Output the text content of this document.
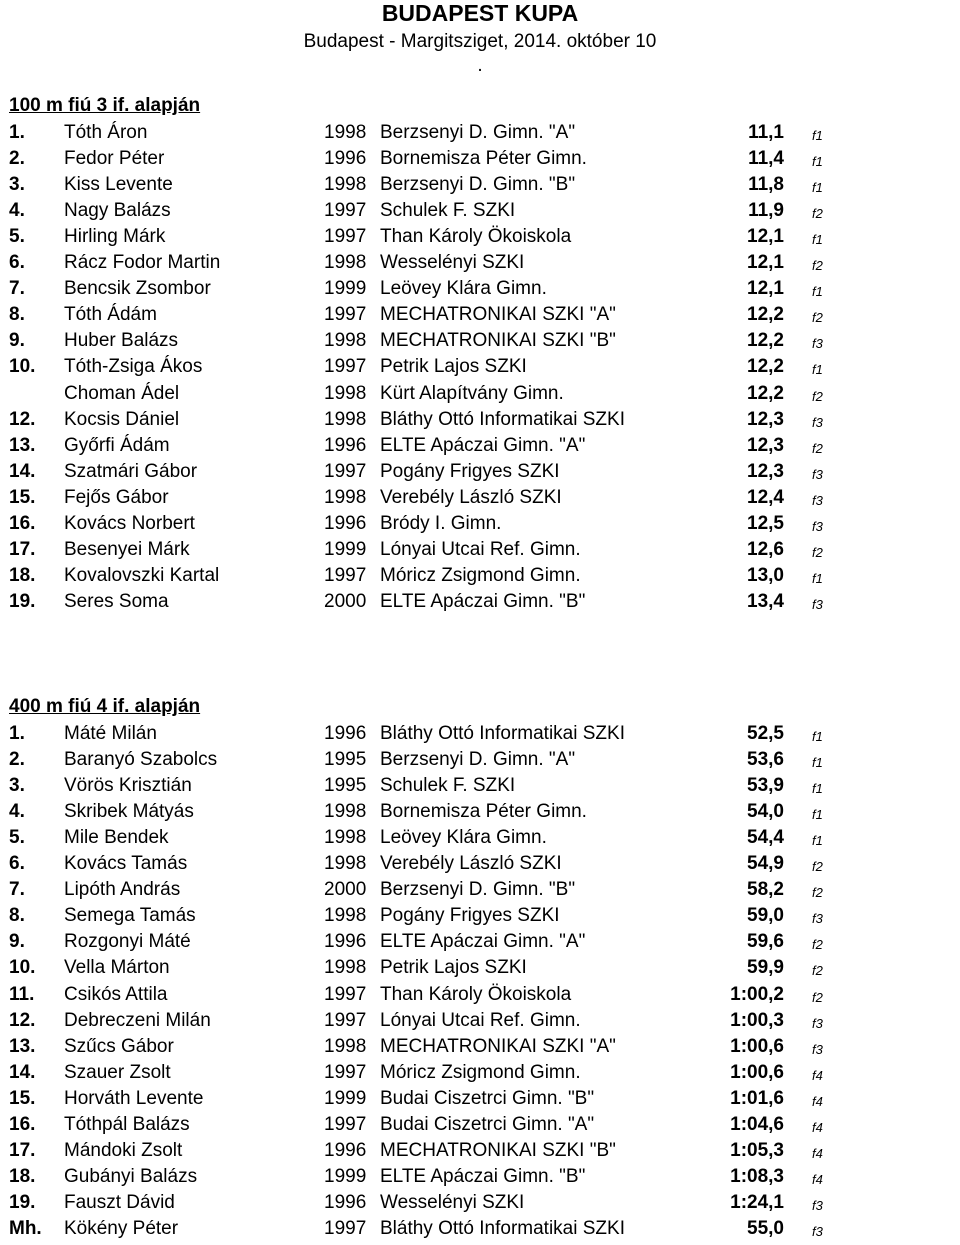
BUDAPEST KUPA
Budapest - Margitsziget, 2014. október 10
.
100 m fiú 3 if. alapján
1. Tóth Áron	1998 Berzsenyi D. Gimn. "A"	11,1 f1
2. Fedor Péter	1996 Bornemisza Péter Gimn.	11,4 f1
3. Kiss Levente	1998 Berzsenyi D. Gimn. "B"	11,8 f1
4. Nagy Balázs	1997 Schulek F. SZKI	11,9 f2
5. Hirling Márk	1997 Than Károly Ökoiskola	12,1 f1
6. Rácz Fodor Martin	1998 Wesselényi SZKI	12,1 f2
7. Bencsik Zsombor	1999 Leövey Klára Gimn.	12,1 f1
8. Tóth Ádám	1997 MECHATRONIKAI SZKI "A"	12,2 f2
9. Huber Balázs	1998 MECHATRONIKAI SZKI "B"	12,2 f3
10. Tóth-Zsiga Ákos	1997 Petrik Lajos SZKI	12,2 f1
Choman Ádel	1998 Kürt Alapítvány Gimn.	12,2 f2
12. Kocsis Dániel	1998 Bláthy Ottó Informatikai SZKI	12,3 f3
13. Győrfi Ádám	1996 ELTE Apáczai Gimn. "A"	12,3 f2
14. Szatmári Gábor	1997 Pogány Frigyes SZKI	12,3 f3
15. Fejős Gábor	1998 Verebély László SZKI	12,4 f3
16. Kovács Norbert	1996 Bródy I. Gimn.	12,5 f3
17. Besenyei Márk	1999 Lónyai Utcai Ref. Gimn.	12,6 f2
18. Kovalovszki Kartal	1997 Móricz Zsigmond Gimn.	13,0 f1
19. Seres Soma	2000 ELTE Apáczai Gimn. "B"	13,4 f3
400 m fiú 4 if. alapján
1. Máté Milán	1996 Bláthy Ottó Informatikai SZKI	52,5 f1
2. Baranyó Szabolcs	1995 Berzsenyi D. Gimn. "A"	53,6 f1
3. Vörös Krisztián	1995 Schulek F. SZKI	53,9 f1
4. Skribek Mátyás	1998 Bornemisza Péter Gimn.	54,0 f1
5. Mile Bendek	1998 Leövey Klára Gimn.	54,4 f1
6. Kovács Tamás	1998 Verebély László SZKI	54,9 f2
7. Lipóth András	2000 Berzsenyi D. Gimn. "B"	58,2 f2
8. Semega Tamás	1998 Pogány Frigyes SZKI	59,0 f3
9. Rozgonyi Máté	1996 ELTE Apáczai Gimn. "A"	59,6 f2
10. Vella Márton	1998 Petrik Lajos SZKI	59,9 f2
11. Csikós Attila	1997 Than Károly Ökoiskola	1:00,2 f2
12. Debreczeni Milán	1997 Lónyai Utcai Ref. Gimn.	1:00,3 f3
13. Szűcs Gábor	1998 MECHATRONIKAI SZKI "A"	1:00,6 f3
14. Szauer Zsolt	1997 Móricz Zsigmond Gimn.	1:00,6 f4
15. Horváth Levente	1999 Budai Ciszetrci Gimn. "B"	1:01,6 f4
16. Tóthpál Balázs	1997 Budai Ciszetrci Gimn. "A"	1:04,6 f4
17. Mándoki Zsolt	1996 MECHATRONIKAI SZKI "B"	1:05,3 f4
18. Gubányi Balázs	1999 ELTE Apáczai Gimn. "B"	1:08,3 f4
19. Fauszt Dávid	1996 Wesselényi SZKI	1:24,1 f3
Mh. Kökény Péter	1997 Bláthy Ottó Informatikai SZKI	55,0 f3
